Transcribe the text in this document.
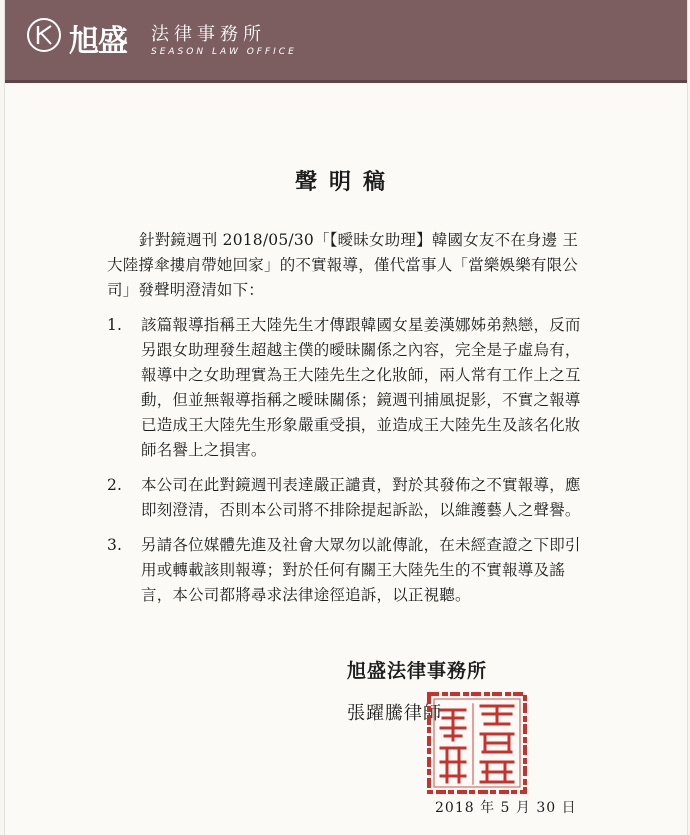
旭盛 法律事務所
SEASON LAW OFFICE
聲明稿

針對鏡週刊 2018/05/30「【曖昧女助理】韓國女友不在身邊 王大陸撐傘摟肩帶她回家」的不實報導，僅代當事人「當樂娛樂有限公司」發聲明澄清如下：

1. 該篇報導指稱王大陸先生才傳跟韓國女星姜漢娜姊弟熱戀，反而另跟女助理發生超越主僕的曖昧關係之內容，完全是子虛烏有，報導中之女助理實為王大陸先生之化妝師，兩人常有工作上之互動，但並無報導指稱之曖昧關係；鏡週刊捕風捉影，不實之報導已造成王大陸先生形象嚴重受損，並造成王大陸先生及該名化妝師名譽上之損害。
2. 本公司在此對鏡週刊表達嚴正譴責，對於其發佈之不實報導，應即刻澄清，否則本公司將不排除提起訴訟，以維護藝人之聲譽。
3. 另請各位媒體先進及社會大眾勿以訛傳訛，在未經查證之下即引用或轉載該則報導；對於任何有關王大陸先生的不實報導及謠言，本公司都將尋求法律途徑追訴，以正視聽。
旭盛法律事務所
張躍騰律師
2018 年 5 月 30 日
